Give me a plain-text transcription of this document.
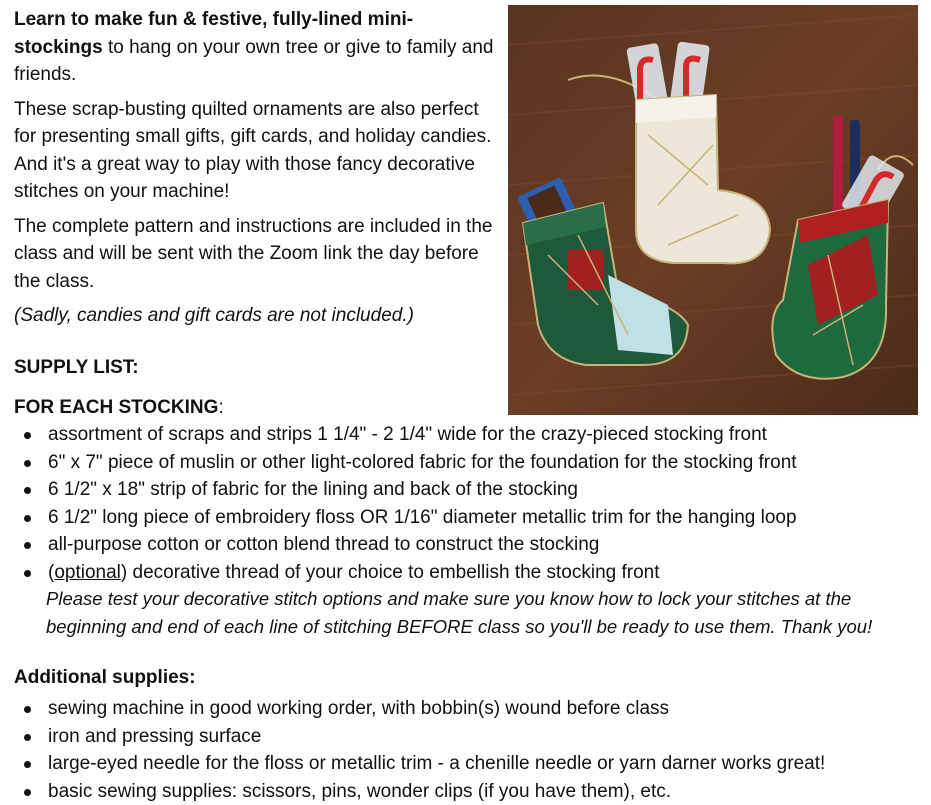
Learn to make fun & festive, fully-lined mini-stockings to hang on your own tree or give to family and friends.

These scrap-busting quilted ornaments are also perfect for presenting small gifts, gift cards, and holiday candies. And it's a great way to play with those fancy decorative stitches on your machine!

The complete pattern and instructions are included in the class and will be sent with the Zoom link the day before the class.

(Sadly, candies and gift cards are not included.)

SUPPLY LIST:

FOR EACH STOCKING:

assortment of scraps and strips 1 1/4" - 2 1/4" wide for the crazy-pieced stocking front
6" x 7" piece of muslin or other light-colored fabric for the foundation for the stocking front
6 1/2" x 18" strip of fabric for the lining and back of the stocking
6 1/2" long piece of embroidery floss OR 1/16" diameter metallic trim for the hanging loop
all-purpose cotton or cotton blend thread to construct the stocking
(optional) decorative thread of your choice to embellish the stocking front

Please test your decorative stitch options and make sure you know how to lock your stitches at the beginning and end of each line of stitching BEFORE class so you'll be ready to use them. Thank you!

Additional supplies:

sewing machine in good working order, with bobbin(s) wound before class
iron and pressing surface
large-eyed needle for the floss or metallic trim - a chenille needle or yarn darner works great!
basic sewing supplies: scissors, pins, wonder clips (if you have them), etc.
